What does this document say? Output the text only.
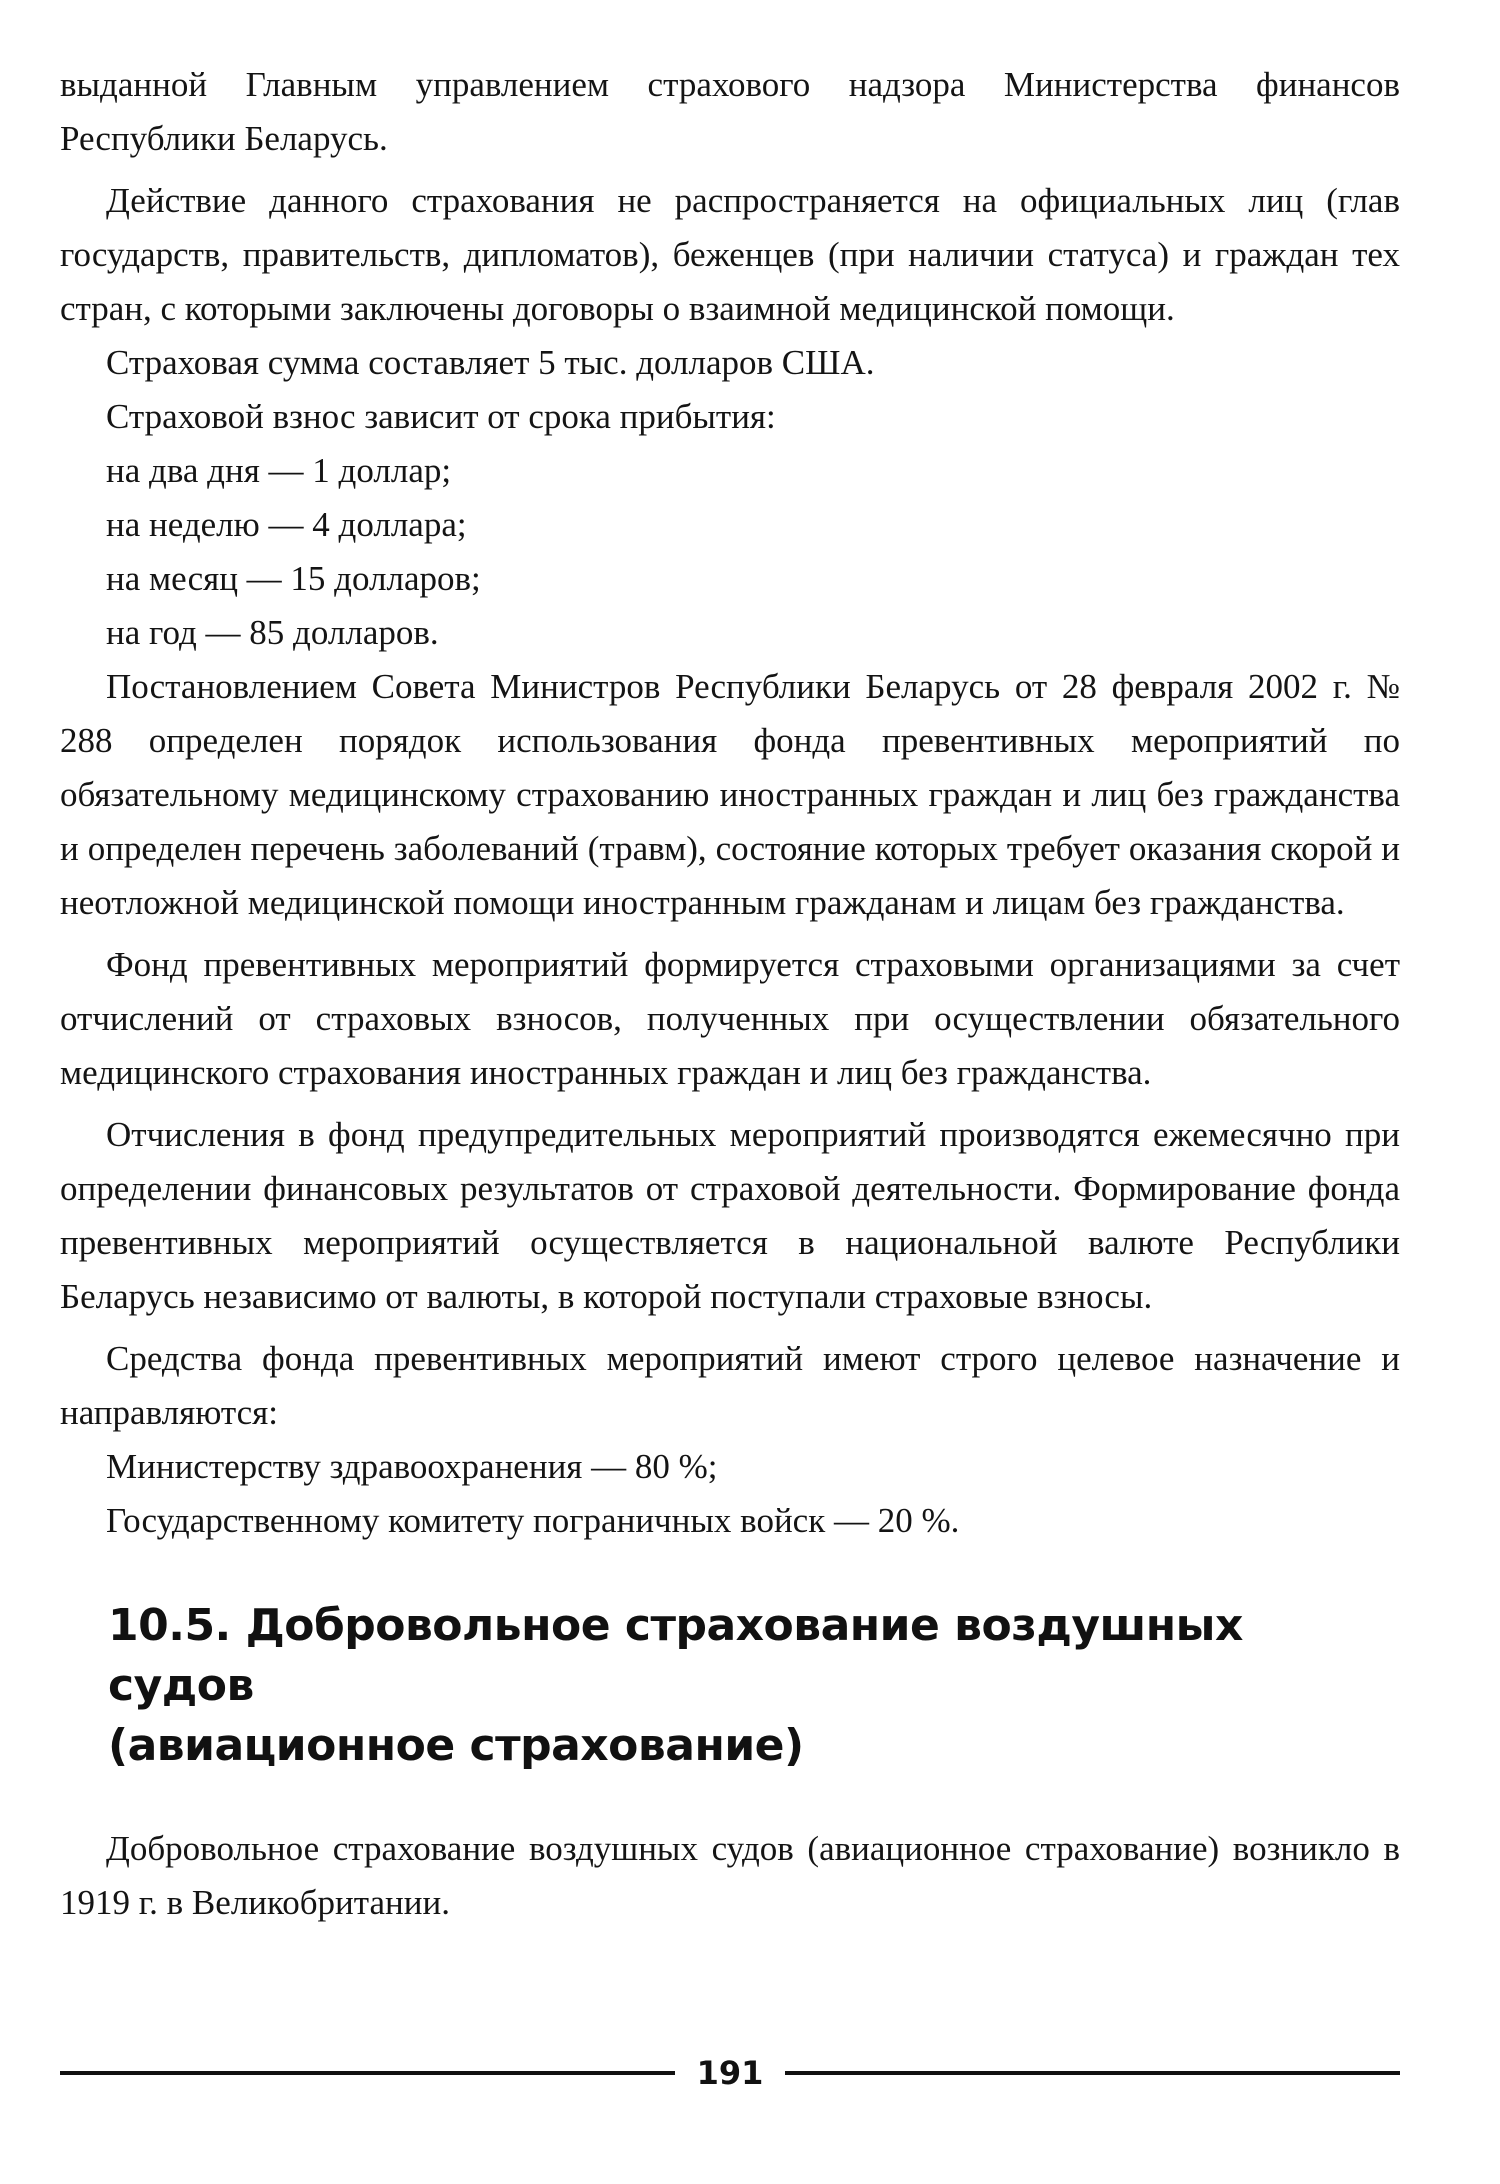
выданной Главным управлением страхового надзора Министерства финансов Республики Беларусь.

Действие данного страхования не распространяется на официальных лиц (глав государств, правительств, дипломатов), беженцев (при наличии статуса) и граждан тех стран, с которыми заключены договоры о взаимной медицинской помощи.

Страховая сумма составляет 5 тыс. долларов США.

Страховой взнос зависит от срока прибытия:

на два дня — 1 доллар;

на неделю — 4 доллара;

на месяц — 15 долларов;

на год — 85 долларов.

Постановлением Совета Министров Республики Беларусь от 28 февраля 2002 г. № 288 определен порядок использования фонда превентивных мероприятий по обязательному медицинскому страхованию иностранных граждан и лиц без гражданства и определен перечень заболеваний (травм), состояние которых требует оказания скорой и неотложной медицинской помощи иностранным гражданам и лицам без гражданства.

Фонд превентивных мероприятий формируется страховыми организациями за счет отчислений от страховых взносов, полученных при осуществлении обязательного медицинского страхования иностранных граждан и лиц без гражданства.

Отчисления в фонд предупредительных мероприятий производятся ежемесячно при определении финансовых результатов от страховой деятельности. Формирование фонда превентивных мероприятий осуществляется в национальной валюте Республики Беларусь независимо от валюты, в которой поступали страховые взносы.

Средства фонда превентивных мероприятий имеют строго целевое назначение и направляются:

Министерству здравоохранения — 80 %;

Государственному комитету пограничных войск — 20 %.

10.5. Добровольное страхование воздушных судов
(авиационное страхование)

Добровольное страхование воздушных судов (авиационное страхование) возникло в 1919 г. в Великобритании.

191
